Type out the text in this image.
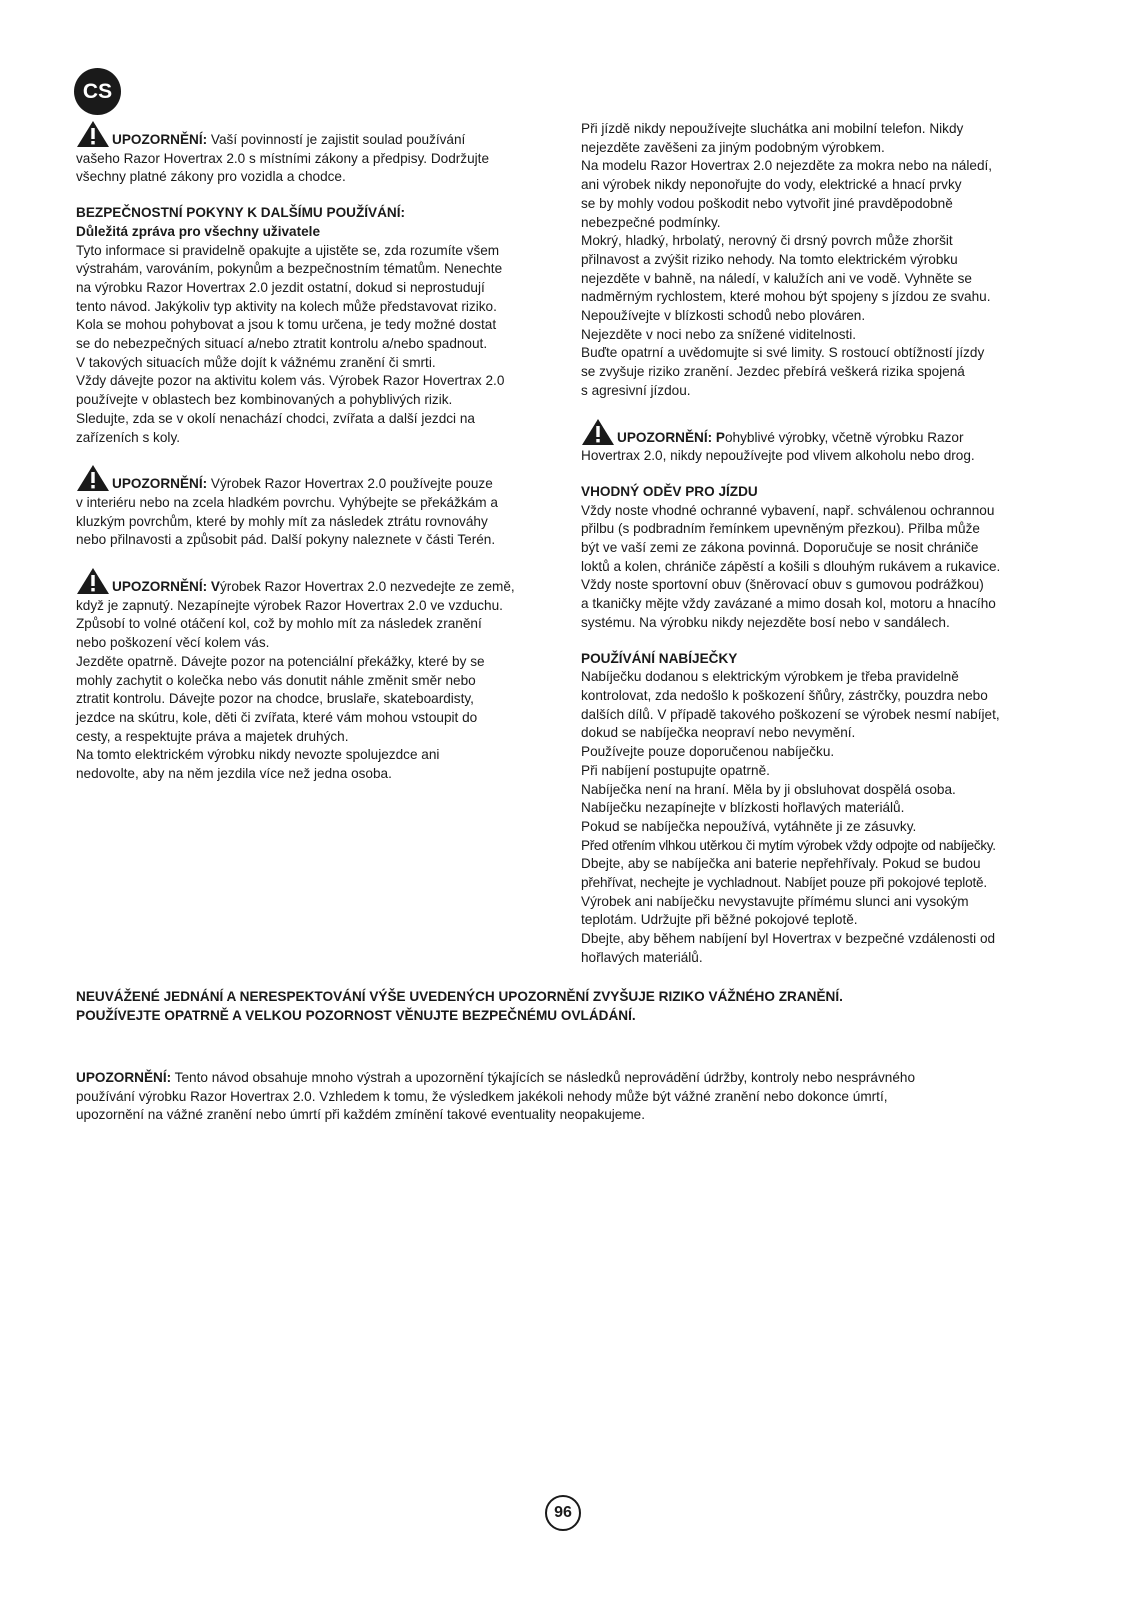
CS

UPOZORNĚNÍ: Vaší povinností je zajistit soulad používání
vašeho Razor Hovertrax 2.0 s místními zákony a předpisy. Dodržujte
všechny platné zákony pro vozidla a chodce.

BEZPEČNOSTNÍ POKYNY K DALŠÍMU POUŽÍVÁNÍ:

Důležitá zpráva pro všechny uživatele

Tyto informace si pravidelně opakujte a ujistěte se, zda rozumíte všem
výstrahám, varováním, pokynům a bezpečnostním tématům. Nenechte
na výrobku Razor Hovertrax 2.0 jezdit ostatní, dokud si neprostudují
tento návod. Jakýkoliv typ aktivity na kolech může představovat riziko.
Kola se mohou pohybovat a jsou k tomu určena, je tedy možné dostat
se do nebezpečných situací a/nebo ztratit kontrolu a/nebo spadnout.
V takových situacích může dojít k vážnému zranění či smrti.
Vždy dávejte pozor na aktivitu kolem vás. Výrobek Razor Hovertrax 2.0
používejte v oblastech bez kombinovaných a pohyblivých rizik.
Sledujte, zda se v okolí nenachází chodci, zvířata a další jezdci na
zařízeních s koly.

UPOZORNĚNÍ: Výrobek Razor Hovertrax 2.0 používejte pouze
v interiéru nebo na zcela hladkém povrchu. Vyhýbejte se překážkám a
kluzkým povrchům, které by mohly mít za následek ztrátu rovnováhy
nebo přilnavosti a způsobit pád. Další pokyny naleznete v části Terén.

UPOZORNĚNÍ: Výrobek Razor Hovertrax 2.0 nezvedejte ze země,
když je zapnutý. Nezapínejte výrobek Razor Hovertrax 2.0 ve vzduchu.
Způsobí to volné otáčení kol, což by mohlo mít za následek zranění
nebo poškození věcí kolem vás.
Jezděte opatrně. Dávejte pozor na potenciální překážky, které by se
mohly zachytit o kolečka nebo vás donutit náhle změnit směr nebo
ztratit kontrolu. Dávejte pozor na chodce, bruslaře, skateboardisty,
jezdce na skútru, kole, děti či zvířata, které vám mohou vstoupit do
cesty, a respektujte práva a majetek druhých.
Na tomto elektrickém výrobku nikdy nevozte spolujezdce ani
nedovolte, aby na něm jezdila více než jedna osoba.

Při jízdě nikdy nepoužívejte sluchátka ani mobilní telefon. Nikdy
nejezděte zavěšeni za jiným podobným výrobkem.
Na modelu Razor Hovertrax 2.0 nejezděte za mokra nebo na náledí,
ani výrobek nikdy neponořujte do vody, elektrické a hnací prvky
se by mohly vodou poškodit nebo vytvořit jiné pravděpodobně
nebezpečné podmínky.
Mokrý, hladký, hrbolatý, nerovný či drsný povrch může zhoršit
přilnavost a zvýšit riziko nehody. Na tomto elektrickém výrobku
nejezděte v bahně, na náledí, v kalužích ani ve vodě. Vyhněte se
nadměrným rychlostem, které mohou být spojeny s jízdou ze svahu.
Nepoužívejte v blízkosti schodů nebo plováren.
Nejezděte v noci nebo za snížené viditelnosti.
Buďte opatrní a uvědomujte si své limity. S rostoucí obtížností jízdy
se zvyšuje riziko zranění. Jezdec přebírá veškerá rizika spojená
s agresivní jízdou.

UPOZORNĚNÍ: Pohyblivé výrobky, včetně výrobku Razor
Hovertrax 2.0, nikdy nepoužívejte pod vlivem alkoholu nebo drog.

VHODNÝ ODĚV PRO JÍZDU

Vždy noste vhodné ochranné vybavení, např. schválenou ochrannou
přilbu (s podbradním řemínkem upevněným přezkou). Přilba může
být ve vaší zemi ze zákona povinná. Doporučuje se nosit chrániče
loktů a kolen, chrániče zápěstí a košili s dlouhým rukávem a rukavice.
Vždy noste sportovní obuv (šněrovací obuv s gumovou podrážkou)
a tkaničky mějte vždy zavázané a mimo dosah kol, motoru a hnacího
systému. Na výrobku nikdy nejezděte bosí nebo v sandálech.

POUŽÍVÁNÍ NABÍJEČKY

Nabíječku dodanou s elektrickým výrobkem je třeba pravidelně
kontrolovat, zda nedošlo k poškození šňůry, zástrčky, pouzdra nebo
dalších dílů. V případě takového poškození se výrobek nesmí nabíjet,
dokud se nabíječka neopraví nebo nevymění.
Používejte pouze doporučenou nabíječku.
Při nabíjení postupujte opatrně.
Nabíječka není na hraní. Měla by ji obsluhovat dospělá osoba.
Nabíječku nezapínejte v blízkosti hořlavých materiálů.
Pokud se nabíječka nepoužívá, vytáhněte ji ze zásuvky.
Před otřením vlhkou utěrkou či mytím výrobek vždy odpojte od nabíječky.
Dbejte, aby se nabíječka ani baterie nepřehřívaly. Pokud se budou
přehřívat, nechejte je vychladnout. Nabíjet pouze při pokojové teplotě.
Výrobek ani nabíječku nevystavujte přímému slunci ani vysokým
teplotám. Udržujte při běžné pokojové teplotě.
Dbejte, aby během nabíjení byl Hovertrax v bezpečné vzdálenosti od
hořlavých materiálů.
NEUVÁŽENÉ JEDNÁNÍ A NERESPEKTOVÁNÍ VÝŠE UVEDENÝCH UPOZORNĚNÍ ZVYŠUJE RIZIKO VÁŽNÉHO ZRANĚNÍ.
POUŽÍVEJTE OPATRNĚ A VELKOU POZORNOST VĚNUJTE BEZPEČNÉMU OVLÁDÁNÍ.
UPOZORNĚNÍ: Tento návod obsahuje mnoho výstrah a upozornění týkajících se následků neprovádění údržby, kontroly nebo nesprávného
používání výrobku Razor Hovertrax 2.0. Vzhledem k tomu, že výsledkem jakékoli nehody může být vážné zranění nebo dokonce úmrtí,
upozornění na vážné zranění nebo úmrtí při každém zmínění takové eventuality neopakujeme.
96
